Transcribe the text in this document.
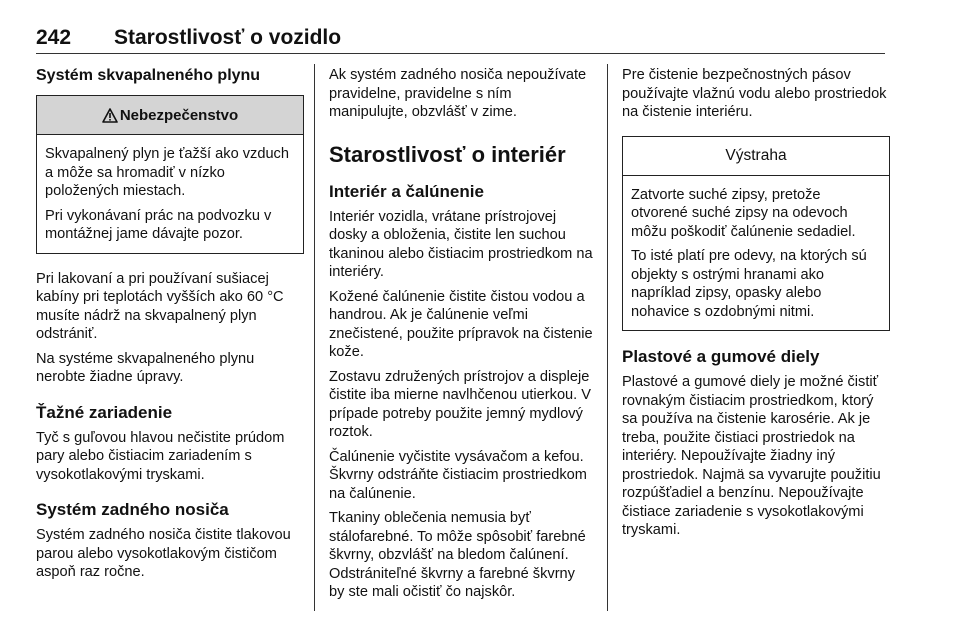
242 Starostlivosť o vozidlo
Systém skvapalneného plynu
Nebezpečenstvo

Skvapalnený plyn je ťažší ako vzduch a môže sa hromadiť v nízko položených miestach.

Pri vykonávaní prác na podvozku v montážnej jame dávajte pozor.

Pri lakovaní a pri používaní sušiacej kabíny pri teplotách vyšších ako 60 °C musíte nádrž na skvapalnený plyn odstrániť.

Na systéme skvapalneného plynu nerobte žiadne úpravy.

Ťažné zariadenie

Tyč s guľovou hlavou nečistite prúdom pary alebo čistiacim zariadením s vysokotlakovými tryskami.

Systém zadného nosiča

Systém zadného nosiča čistite tlakovou parou alebo vysokotlakovým čističom aspoň raz ročne.

Ak systém zadného nosiča nepoužívate pravidelne, pravidelne s ním manipulujte, obzvlášť v zime.

Starostlivosť o interiér
Interiér a čalúnenie

Interiér vozidla, vrátane prístrojovej dosky a obloženia, čistite len suchou tkaninou alebo čistiacim prostriedkom na interiéry.

Kožené čalúnenie čistite čistou vodou a handrou. Ak je čalúnenie veľmi znečistené, použite prípravok na čistenie kože.

Zostavu združených prístrojov a displeje čistite iba mierne navlhčenou utierkou. V prípade potreby použite jemný mydlový roztok.

Čalúnenie vyčistite vysávačom a kefou. Škvrny odstráňte čistiacim prostriedkom na čalúnenie.

Tkaniny oblečenia nemusia byť stálofarebné. To môže spôsobiť farebné škvrny, obzvlášť na bledom čalúnení. Odstrániteľné škvrny a farebné škvrny by ste mali očistiť čo najskôr.

Pre čistenie bezpečnostných pásov používajte vlažnú vodu alebo prostriedok na čistenie interiéru.

Výstraha

Zatvorte suché zipsy, pretože otvorené suché zipsy na odevoch môžu poškodiť čalúnenie sedadiel.

To isté platí pre odevy, na ktorých sú objekty s ostrými hranami ako napríklad zipsy, opasky alebo nohavice s ozdobnými nitmi.

Plastové a gumové diely

Plastové a gumové diely je možné čistiť rovnakým čistiacim prostriedkom, ktorý sa používa na čistenie karosérie. Ak je treba, použite čistiaci prostriedok na interiéry. Nepoužívajte žiadny iný prostriedok. Najmä sa vyvarujte použitiu rozpúšťadiel a benzínu. Nepoužívajte čistiace zariadenie s vysokotlakovými tryskami.
